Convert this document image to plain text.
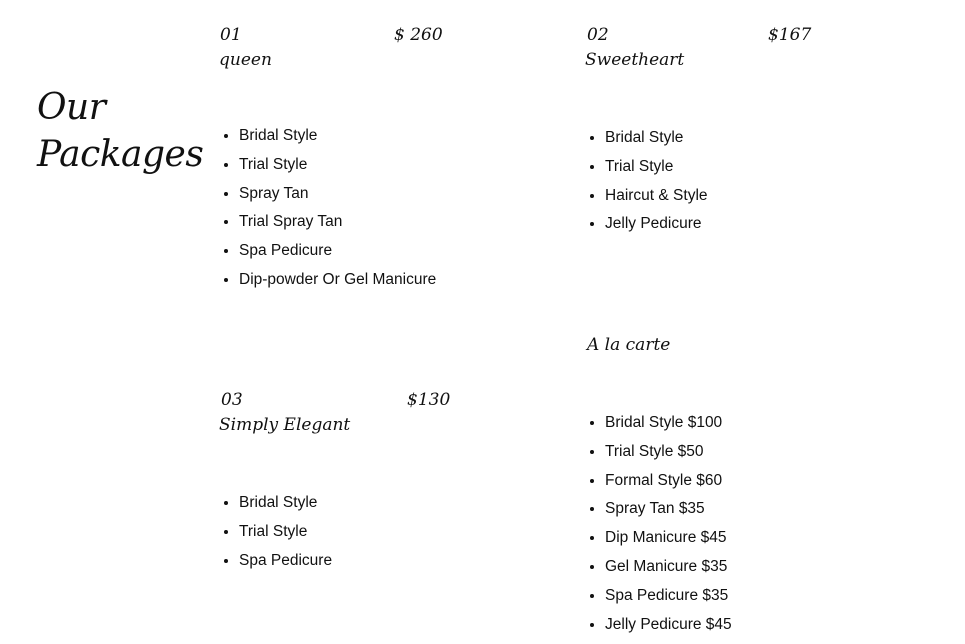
Our
Packages

01	$ 260

queen

• Bridal Style
• Trial Style
• Spray Tan
• Trial Spray Tan
• Spa Pedicure
• Dip-powder Or Gel Manicure

02	$167

Sweetheart

• Bridal Style
• Trial Style
• Haircut & Style
• Jelly Pedicure

A la carte

• Bridal Style $100
• Trial Style $50
• Formal Style $60
• Spray Tan $35
• Dip Manicure $45
• Gel Manicure $35
• Spa Pedicure $35
• Jelly Pedicure $45

03	$130

Simply Elegant

• Bridal Style
• Trial Style
• Spa Pedicure
